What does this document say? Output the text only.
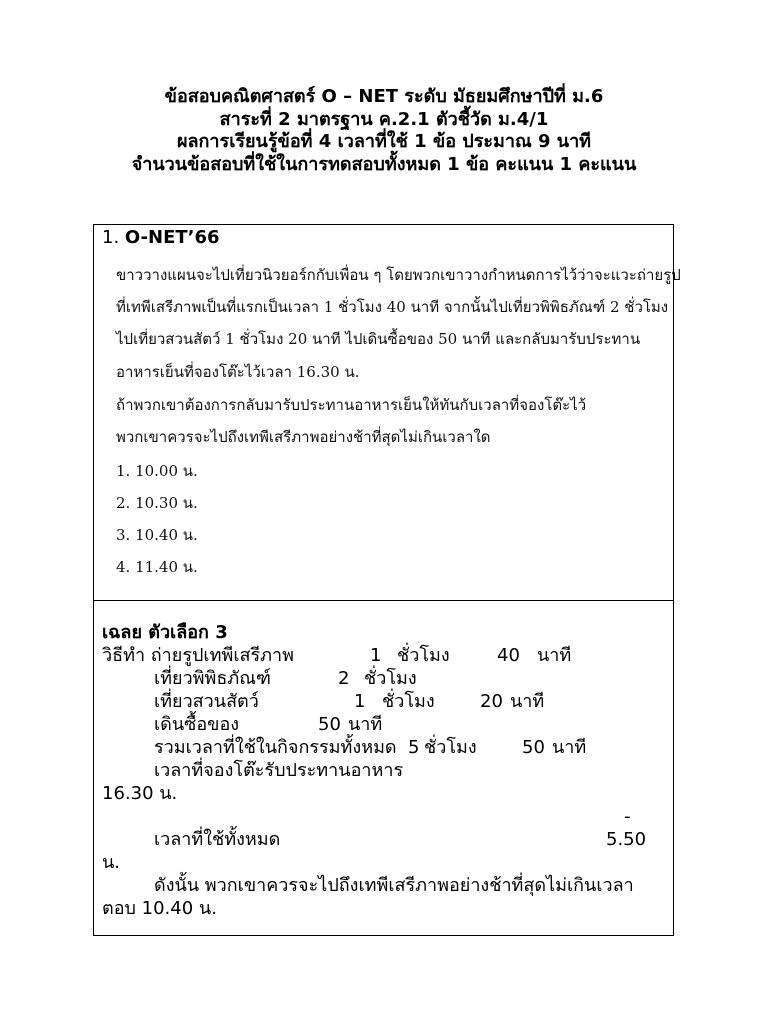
ข้อสอบคณิตศาสตร์ O – NET ระดับ มัธยมศึกษาปีที่ ม.6
สาระที่ 2 มาตรฐาน ค.2.1 ตัวชี้วัด ม.4/1
ผลการเรียนรู้ข้อที่ 4 เวลาที่ใช้ 1 ข้อ ประมาณ 9 นาที
จำนวนข้อสอบที่ใช้ในการทดสอบทั้งหมด 1 ข้อ คะแนน 1 คะแนน
1. O-NET’66
ขาววางแผนจะไปเที่ยวนิวยอร์กกับเพื่อน ๆ โดยพวกเขาวางกำหนดการไว้ว่าจะแวะถ่ายรูป
ที่เทพีเสรีภาพเป็นที่แรกเป็นเวลา 1 ชั่วโมง 40 นาที จากนั้นไปเที่ยวพิพิธภัณฑ์ 2 ชั่วโมง
ไปเที่ยวสวนสัตว์ 1 ชั่วโมง 20 นาที ไปเดินซื้อของ 50 นาที และกลับมารับประทาน
อาหารเย็นที่จองโต๊ะไว้เวลา 16.30 น.
ถ้าพวกเขาต้องการกลับมารับประทานอาหารเย็นให้ทันกับเวลาที่จองโต๊ะไว้
พวกเขาควรจะไปถึงเทพีเสรีภาพอย่างช้าที่สุดไม่เกินเวลาใด
1. 10.00 น.
2. 10.30 น.
3. 10.40 น.
4. 11.40 น.
เฉลย ตัวเลือก 3
วิธีทำ ถ่ายรูปเทพีเสรีภาพ	1 ชั่วโมง	40 นาที
เที่ยวพิพิธภัณฑ์	2 ชั่วโมง
เที่ยวสวนสัตว์	1 ชั่วโมง	20 นาที
เดินซื้อของ	50 นาที
รวมเวลาที่ใช้ในกิจกรรมทั้งหมด 5 ชั่วโมง	50 นาที
เวลาที่จองโต๊ะรับประทานอาหาร
16.30 น.
-
เวลาที่ใช้ทั้งหมด	5.50
น.
ดังนั้น พวกเขาควรจะไปถึงเทพีเสรีภาพอย่างช้าที่สุดไม่เกินเวลา
ตอบ 10.40 น.
